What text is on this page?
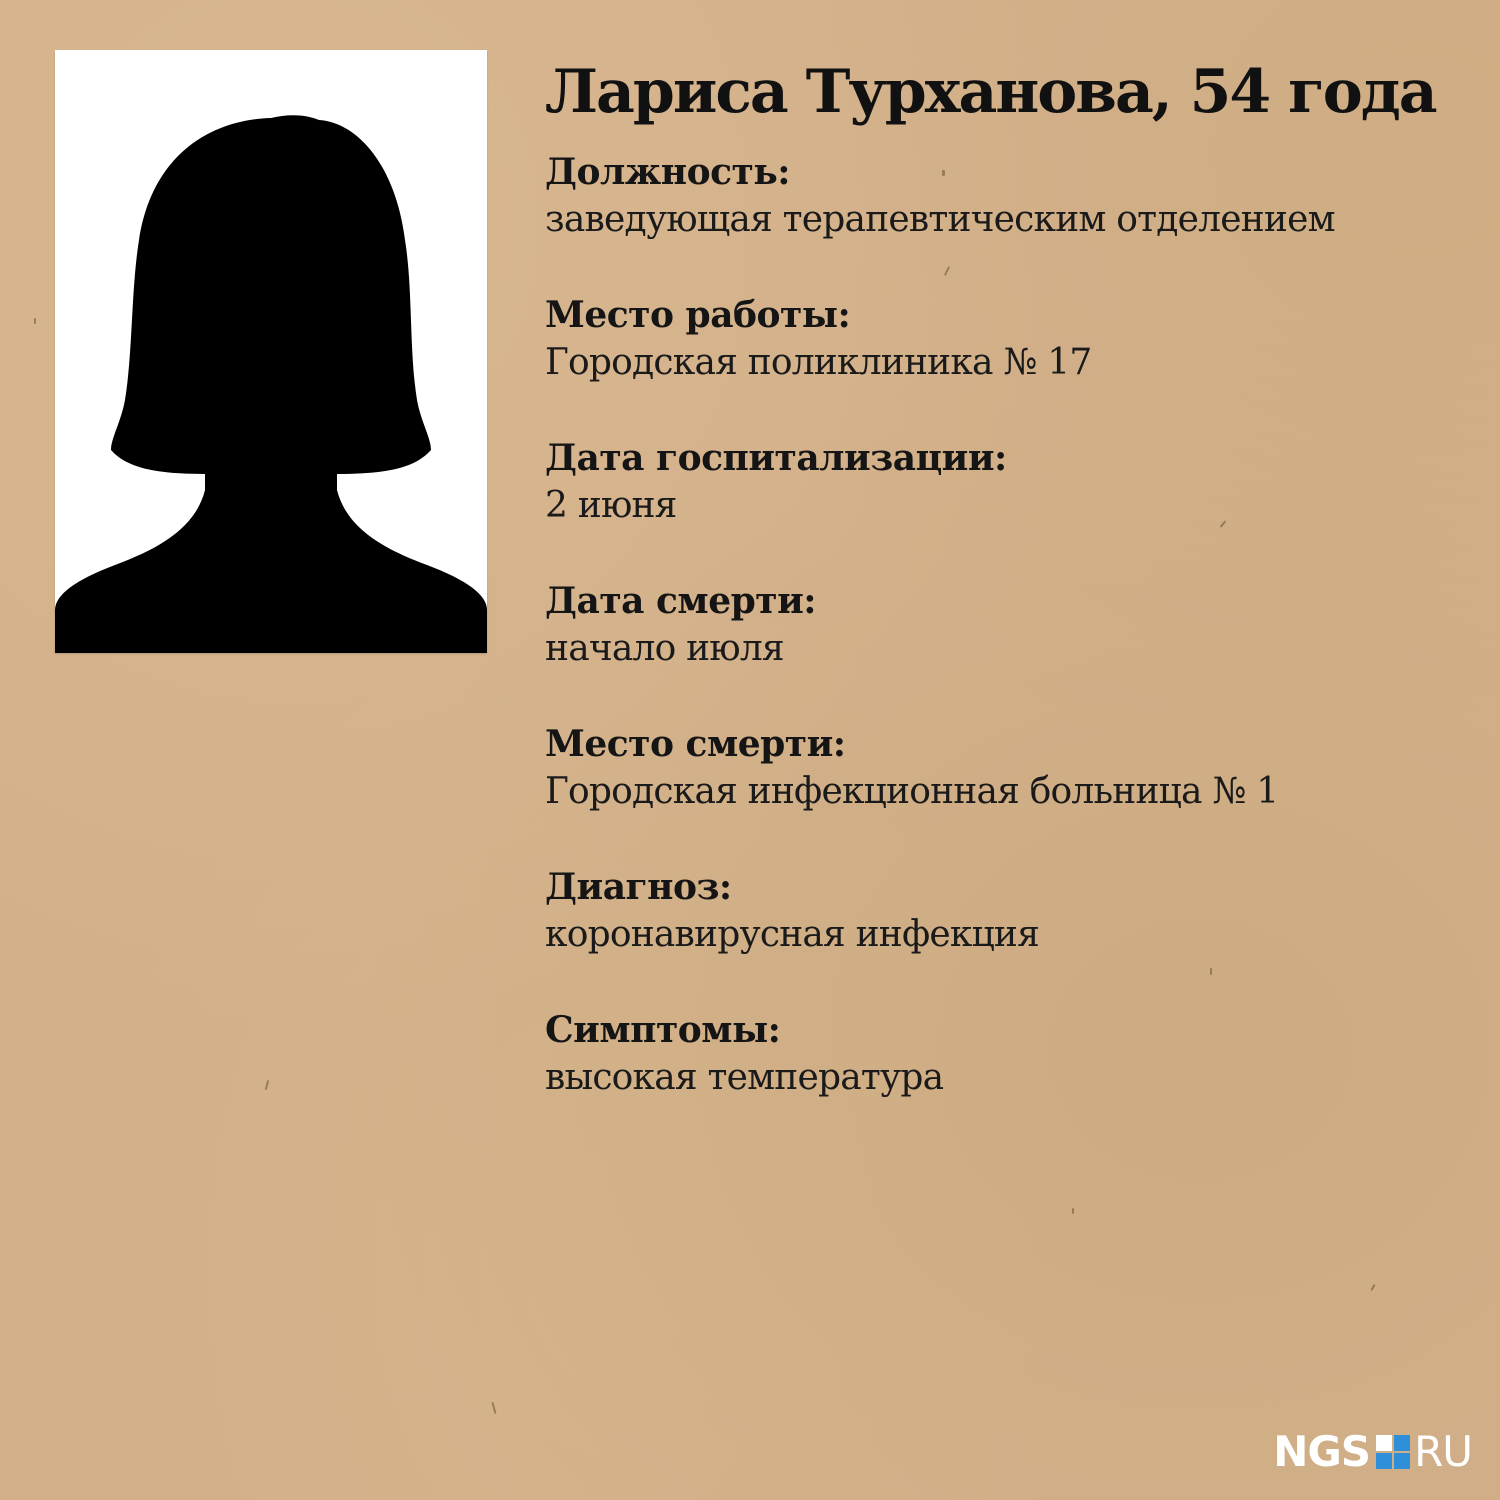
Лариса Турханова, 54 года
Должность:
заведующая терапевтическим отделением
Место работы:
Городская поликлиника № 17
Дата госпитализации:
2 июня
Дата смерти:
начало июля
Место смерти:
Городская инфекционная больница № 1
Диагноз:
коронавирусная инфекция
Симптомы:
высокая температура
NGS RU
